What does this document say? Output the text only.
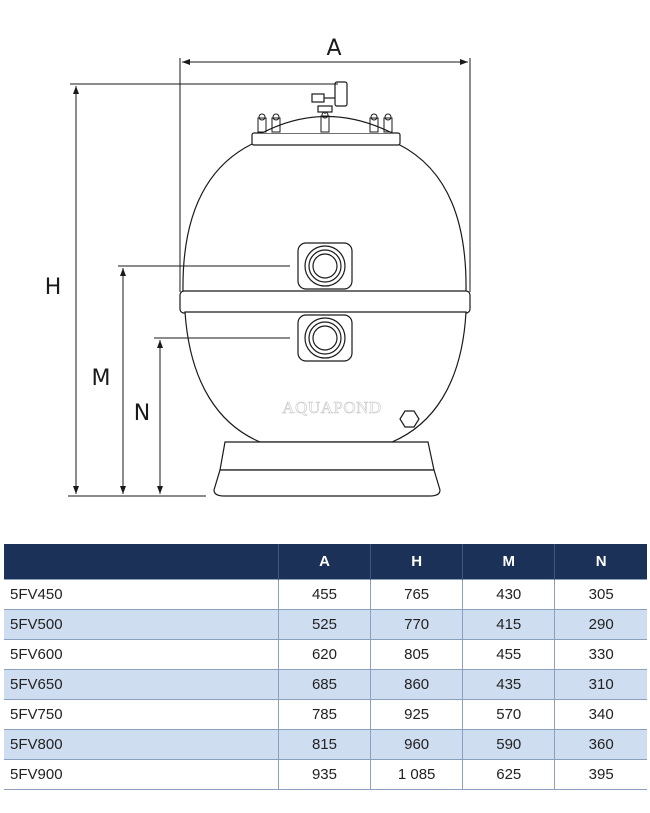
A
H
M
N	AQUAPOND
	A	H	M	N
5FV450	455	765	430	305
5FV500	525	770	415	290
5FV600	620	805	455	330
5FV650	685	860	435	310
5FV750	785	925	570	340
5FV800	815	960	590	360
5FV900	935	1 085	625	395
